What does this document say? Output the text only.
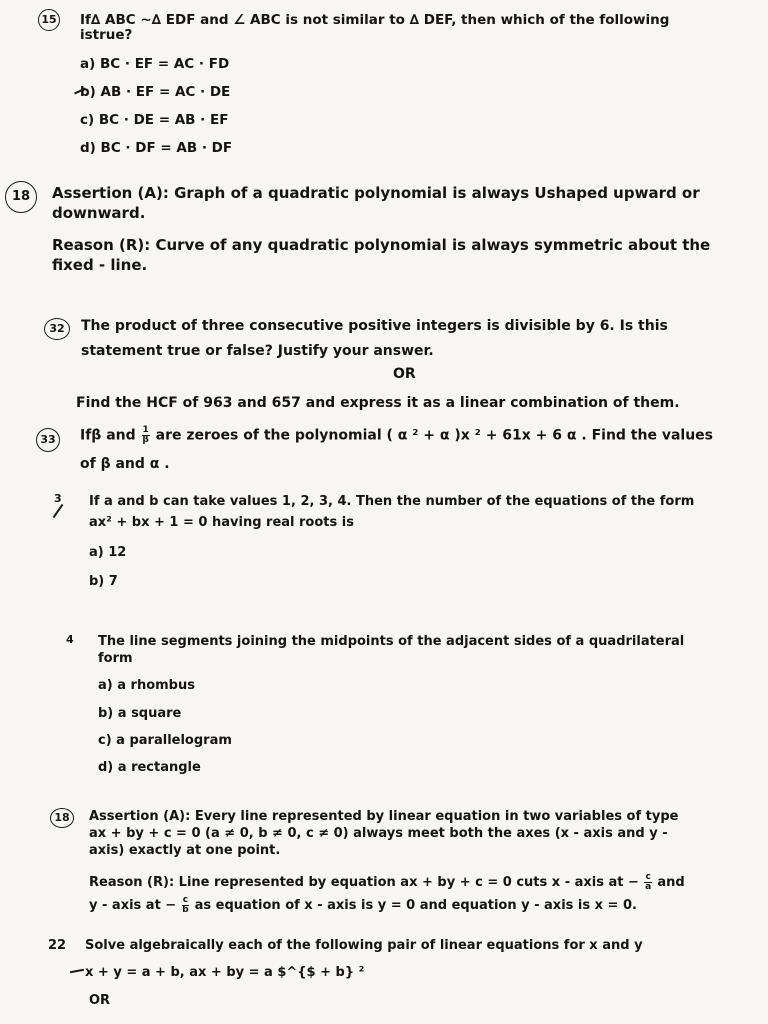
15 If∆ ABC ~∆ EDF and ∠ ABC is not similar to ∆ DEF, then which of the following
istrue?
a) BC · EF = AC · FD
b) AB · EF = AC · DE
c) BC · DE = AB · EF
d) BC · DF = AB · DF
18	Assertion (A): Graph of a quadratic polynomial is always Ushaped upward or
downward.
Reason (R): Curve of any quadratic polynomial is always symmetric about the
fixed - line.
32	The product of three consecutive positive integers is divisible by 6. Is this
statement true or false? Justify your answer.
OR
Find the HCF of 963 and 657 and express it as a linear combination of them.
33	Ifβ and $\frac{1}{\beta}$ are zeroes of the polynomial ( α ² + α )x ² + 61x + 6 α . Find the values
of β and α .
3 If a and b can take values 1, 2, 3, 4. Then the number of the equations of the form
ax² + bx + 1 = 0 having real roots is
a) 12
b) 7
4 The line segments joining the midpoints of the adjacent sides of a quadrilateral
form
a) a rhombus
b) a square
c) a parallelogram
d) a rectangle
18	Assertion (A): Every line represented by linear equation in two variables of type
ax + by + c = 0 (a ≠ 0, b ≠ 0, c ≠ 0) always meet both the axes (x - axis and y -
axis) exactly at one point.
Reason (R): Line represented by equation ax + by + c = 0 cuts x - axis at − $\frac{c}{a}$ and
y - axis at − $\frac{c}{b}$ as equation of x - axis is y = 0 and equation y - axis is x = 0.
22 Solve algebraically each of the following pair of linear equations for x and y
x + y = a + b, ax + by = a $^{$ + b} ²
OR
